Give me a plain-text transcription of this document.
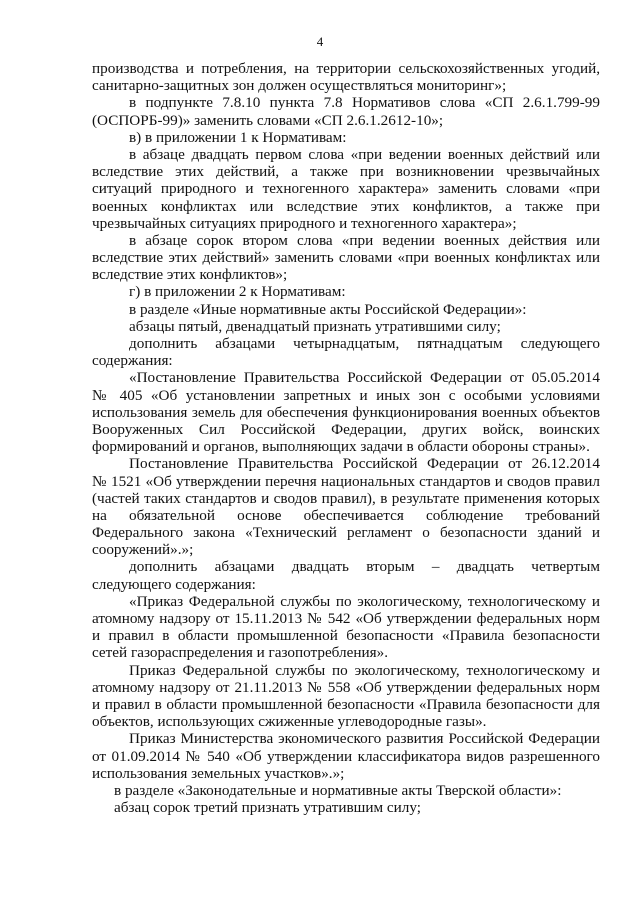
4
производства и потребления, на территории сельскохозяйственных угодий,
санитарно-защитных зон должен осуществляться мониторинг»;
в подпункте 7.8.10 пункта 7.8 Нормативов слова «СП 2.6.1.799-99
(ОСПОРБ-99)» заменить словами «СП 2.6.1.2612-10»;
в) в приложении 1 к Нормативам:
в абзаце двадцать первом слова «при ведении военных действий или
вследствие этих действий, а также при возникновении чрезвычайных
ситуаций природного и техногенного характера» заменить словами «при
военных конфликтах или вследствие этих конфликтов, а также при
чрезвычайных ситуациях природного и техногенного характера»;
в абзаце сорок втором слова «при ведении военных действия или
вследствие этих действий» заменить словами «при военных конфликтах или
вследствие этих конфликтов»;
г) в приложении 2 к Нормативам:
в разделе «Иные нормативные акты Российской Федерации»:
абзацы пятый, двенадцатый признать утратившими силу;
дополнить абзацами четырнадцатым, пятнадцатым следующего
содержания:
«Постановление Правительства Российской Федерации от 05.05.2014
№ 405 «Об установлении запретных и иных зон с особыми условиями
использования земель для обеспечения функционирования военных объектов
Вооруженных Сил Российской Федерации, других войск, воинских
формирований и органов, выполняющих задачи в области обороны страны».
Постановление Правительства Российской Федерации от 26.12.2014
№ 1521 «Об утверждении перечня национальных стандартов и сводов правил
(частей таких стандартов и сводов правил), в результате применения которых
на обязательной основе обеспечивается соблюдение требований
Федерального закона «Технический регламент о безопасности зданий и
сооружений».»;
дополнить абзацами двадцать вторым – двадцать четвертым
следующего содержания:
«Приказ Федеральной службы по экологическому, технологическому и
атомному надзору от 15.11.2013 № 542 «Об утверждении федеральных норм
и правил в области промышленной безопасности «Правила безопасности
сетей газораспределения и газопотребления».
Приказ Федеральной службы по экологическому, технологическому и
атомному надзору от 21.11.2013 № 558 «Об утверждении федеральных норм
и правил в области промышленной безопасности «Правила безопасности для
объектов, использующих сжиженные углеводородные газы».
Приказ Министерства экономического развития Российской Федерации
от 01.09.2014 № 540 «Об утверждении классификатора видов разрешенного
использования земельных участков».»;
в разделе «Законодательные и нормативные акты Тверской области»:
абзац сорок третий признать утратившим силу;
